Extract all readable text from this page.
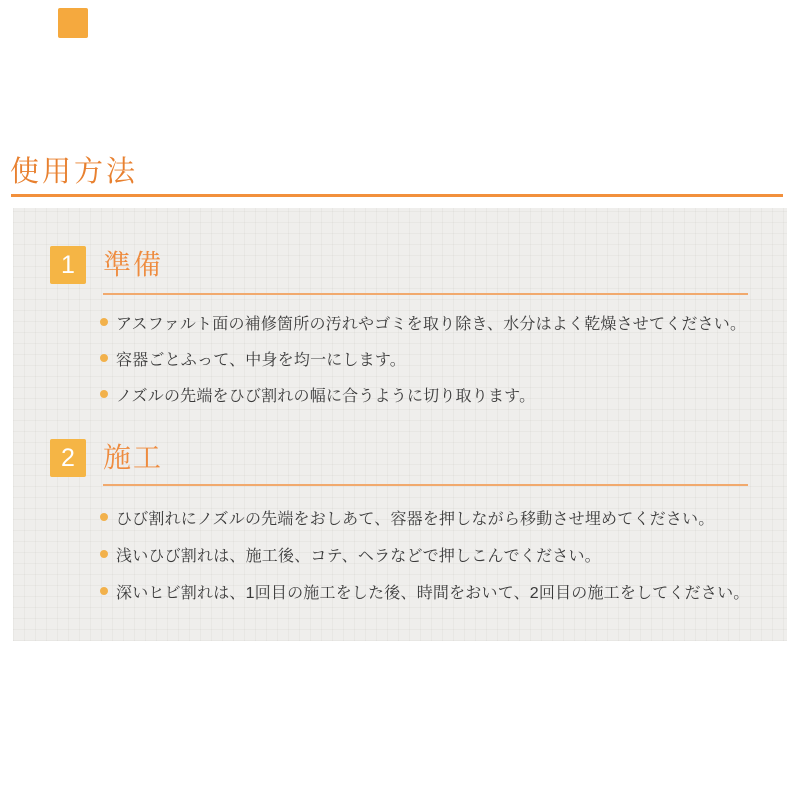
使用方法
1	準備
アスファルト面の補修箇所の汚れやゴミを取り除き、水分はよく乾燥させてください。
容器ごとふって、中身を均一にします。
ノズルの先端をひび割れの幅に合うように切り取ります。
2	施工
ひび割れにノズルの先端をおしあて、容器を押しながら移動させ埋めてください。
浅いひび割れは、施工後、コテ、ヘラなどで押しこんでください。
深いヒビ割れは、1回目の施工をした後、時間をおいて、2回目の施工をしてください。
